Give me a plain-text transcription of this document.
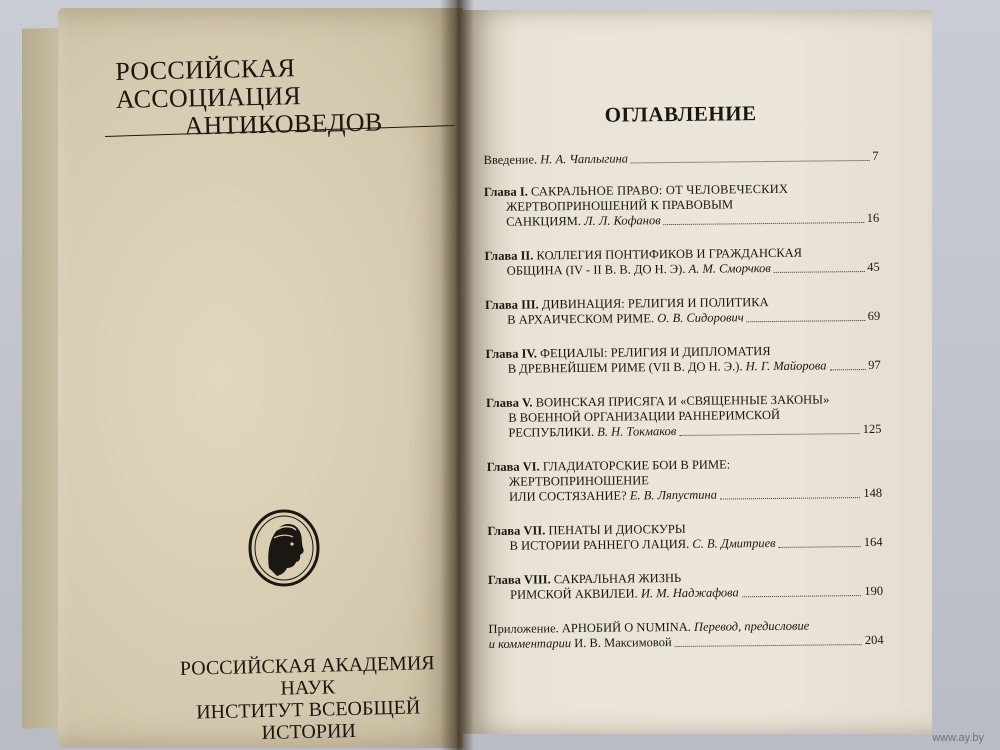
РОССИЙСКАЯ АССОЦИАЦИЯ
АНТИКОВЕДОВ
РОССИЙСКАЯ АКАДЕМИЯ НАУК
ИНСТИТУТ ВСЕОБЩЕЙ ИСТОРИИ
ОГЛАВЛЕНИЕ
Введение.
Н. А. Чаплыгина	7
Глава I. САКРАЛЬНОЕ ПРАВО: ОТ ЧЕЛОВЕЧЕСКИХ
ЖЕРТВОПРИНОШЕНИЙ К ПРАВОВЫМ
САНКЦИЯМ.
Л. Л. Кофанов	16
Глава II. КОЛЛЕГИЯ ПОНТИФИКОВ И ГРАЖДАНСКАЯ
ОБЩИНА (IV - II В. В. ДО Н. Э).
А. М. Сморчков	45
Глава III. ДИВИНАЦИЯ: РЕЛИГИЯ И ПОЛИТИКА
В АРХАИЧЕСКОМ РИМЕ.
О. В. Сидорович	69
Глава IV. ФЕЦИАЛЫ: РЕЛИГИЯ И ДИПЛОМАТИЯ
В ДРЕВНЕЙШЕМ РИМЕ (VII В. ДО Н. Э.).
Н. Г. Майорова	97
Глава V. ВОИНСКАЯ ПРИСЯГА И «СВЯЩЕННЫЕ ЗАКОНЫ»
В ВОЕННОЙ ОРГАНИЗАЦИИ РАННЕРИМСКОЙ
РЕСПУБЛИКИ.
В. Н. Токмаков	125
Глава VI. ГЛАДИАТОРСКИЕ БОИ В РИМЕ:
ЖЕРТВОПРИНОШЕНИЕ
ИЛИ СОСТЯЗАНИЕ?
Е. В. Ляпустина	148
Глава VII. ПЕНАТЫ И ДИОСКУРЫ
В ИСТОРИИ РАННЕГО ЛАЦИЯ.
С. В. Дмитриев	164
Глава VIII. САКРАЛЬНАЯ ЖИЗНЬ
РИМСКОЙ АКВИЛЕИ.
И. М. Наджафова	190
Приложение. АРНОБИЙ О NUMINA. Перевод, предисловие
и комментарии
И. В. Максимовой	204
www.ay.by
